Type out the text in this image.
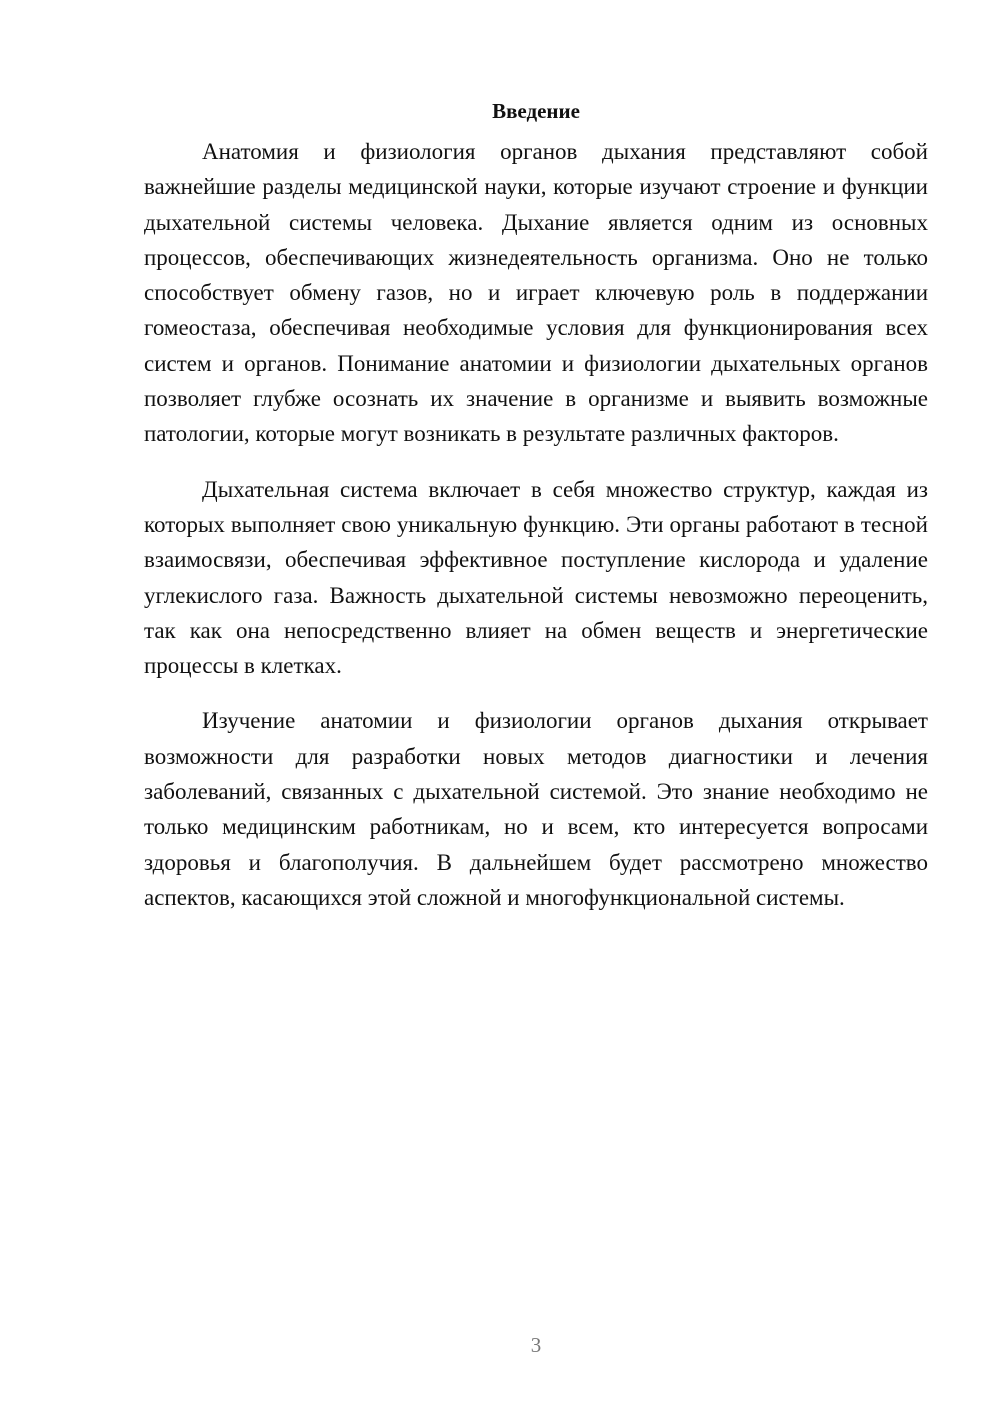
Введение

Анатомия и физиология органов дыхания представляют собой важнейшие разделы медицинской науки, которые изучают строение и функции дыхательной системы человека. Дыхание является одним из основных процессов, обеспечивающих жизнедеятельность организма. Оно не только способствует обмену газов, но и играет ключевую роль в поддержании гомеостаза, обеспечивая необходимые условия для функционирования всех систем и органов. Понимание анатомии и физиологии дыхательных органов позволяет глубже осознать их значение в организме и выявить возможные патологии, которые могут возникать в результате различных факторов.

Дыхательная система включает в себя множество структур, каждая из которых выполняет свою уникальную функцию. Эти органы работают в тесной взаимосвязи, обеспечивая эффективное поступление кислорода и удаление углекислого газа. Важность дыхательной системы невозможно переоценить, так как она непосредственно влияет на обмен веществ и энергетические процессы в клетках.

Изучение анатомии и физиологии органов дыхания открывает возможности для разработки новых методов диагностики и лечения заболеваний, связанных с дыхательной системой. Это знание необходимо не только медицинским работникам, но и всем, кто интересуется вопросами здоровья и благополучия. В дальнейшем будет рассмотрено множество аспектов, касающихся этой сложной и многофункциональной системы.

3
